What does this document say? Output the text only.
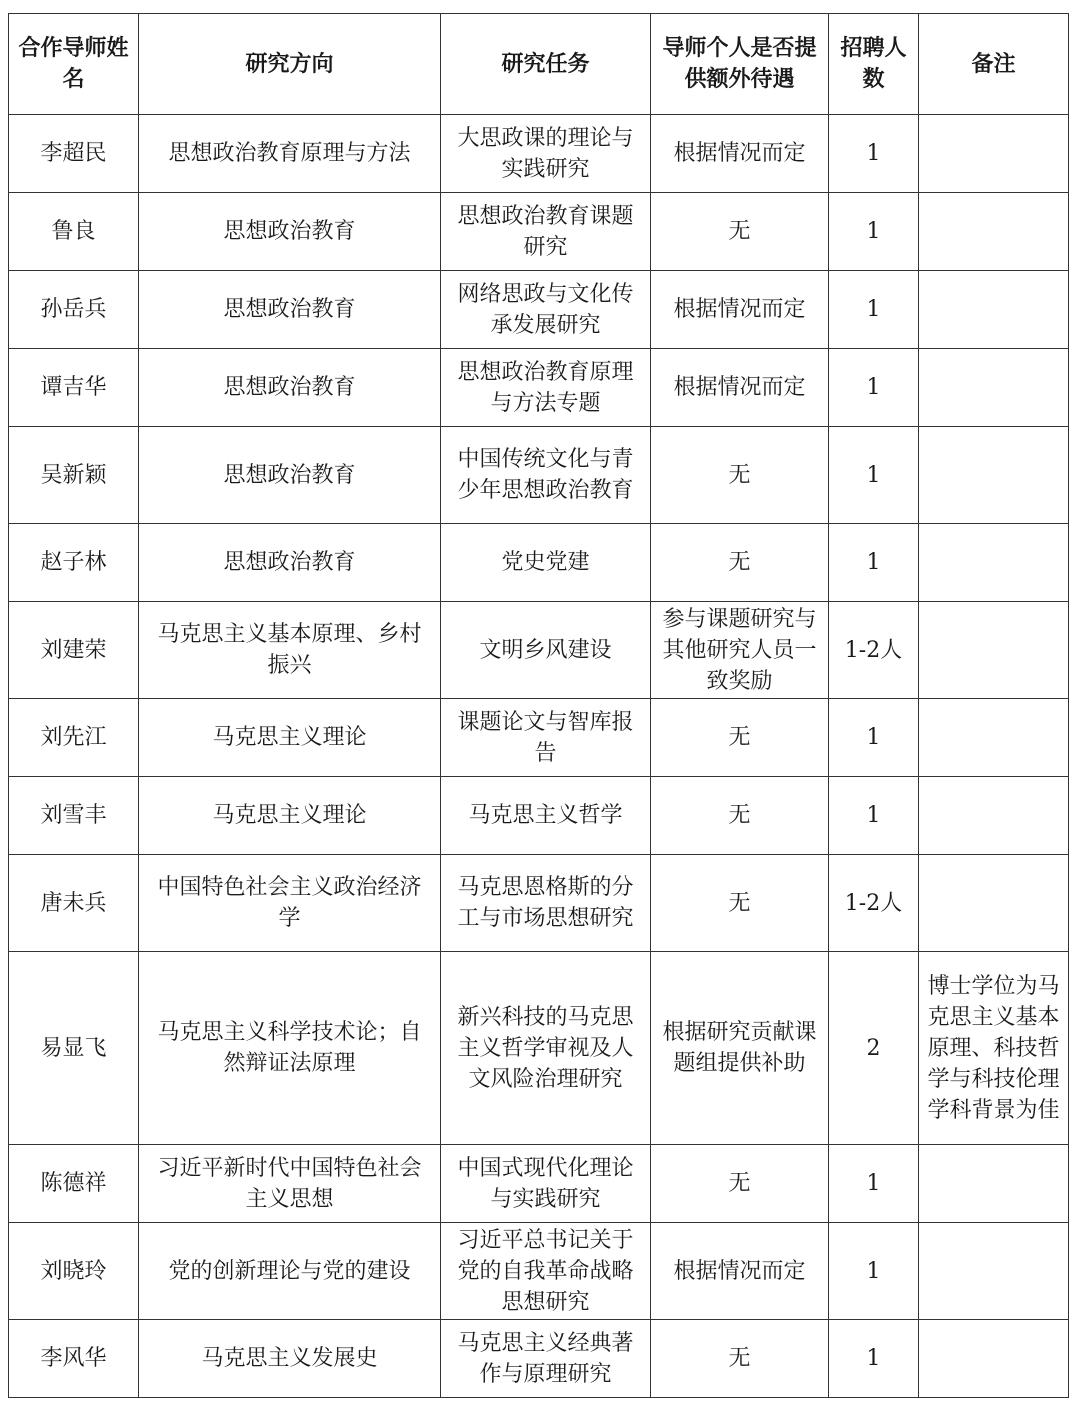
合作导师姓名	研究方向	研究任务	导师个人是否提供额外待遇	招聘人数	备注
李超民	思想政治教育原理与方法	大思政课的理论与实践研究	根据情况而定	1	
鲁良	思想政治教育	思想政治教育课题研究	无	1	
孙岳兵	思想政治教育	网络思政与文化传承发展研究	根据情况而定	1	
谭吉华	思想政治教育	思想政治教育原理与方法专题	根据情况而定	1	
吴新颖	思想政治教育	中国传统文化与青少年思想政治教育	无	1	
赵子林	思想政治教育	党史党建	无	1	
刘建荣	马克思主义基本原理、乡村振兴	文明乡风建设	参与课题研究与其他研究人员一致奖励	1-2人	
刘先江	马克思主义理论	课题论文与智库报告	无	1	
刘雪丰	马克思主义理论	马克思主义哲学	无	1	
唐未兵	中国特色社会主义政治经济学	马克思恩格斯的分工与市场思想研究	无	1-2人	
易显飞	马克思主义科学技术论；自然辩证法原理	新兴科技的马克思主义哲学审视及人文风险治理研究	根据研究贡献课题组提供补助	2	博士学位为马克思主义基本原理、科技哲学与科技伦理学科背景为佳
陈德祥	习近平新时代中国特色社会主义思想	中国式现代化理论与实践研究	无	1	
刘晓玲	党的创新理论与党的建设	习近平总书记关于党的自我革命战略思想研究	根据情况而定	1	
李风华	马克思主义发展史	马克思主义经典著作与原理研究	无	1	
